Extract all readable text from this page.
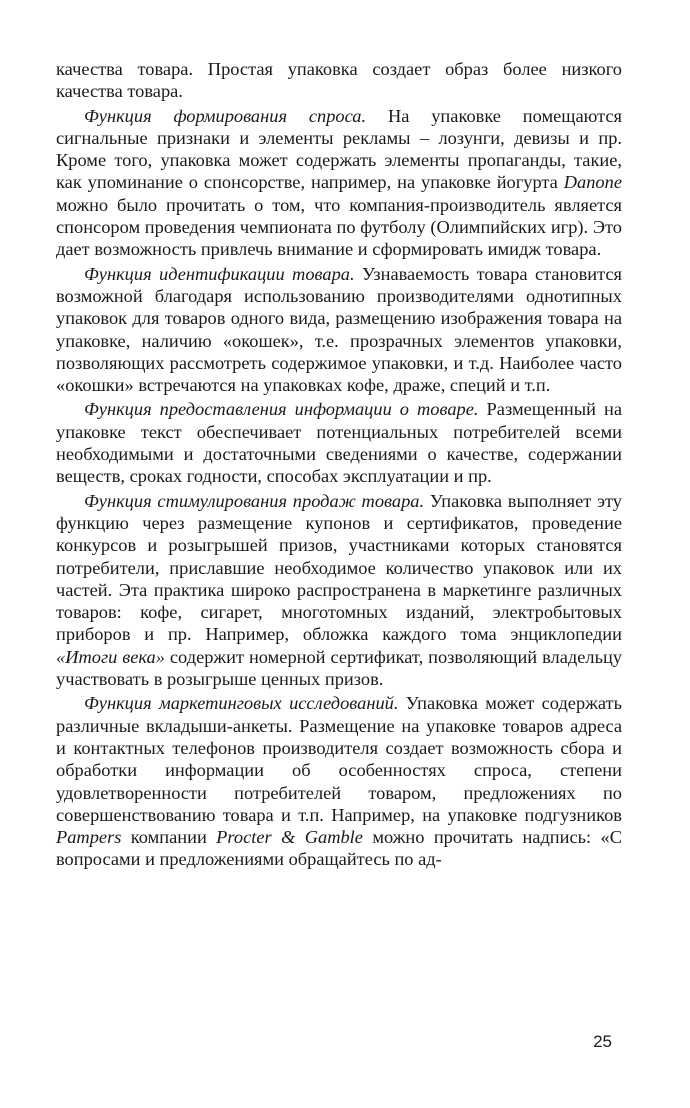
качества товара. Простая упаковка создает образ более низкого качества товара.

Функция формирования спроса. На упаковке помещаются сигнальные признаки и элементы рекламы – лозунги, девизы и пр. Кроме того, упаковка может содержать элементы пропаганды, такие, как упоминание о спонсорстве, например, на упаковке йогурта Danone можно было прочитать о том, что компания-производитель является спонсором проведения чемпионата по футболу (Олимпийских игр). Это дает возможность привлечь внимание и сформировать имидж товара.

Функция идентификации товара. Узнаваемость товара становится возможной благодаря использованию производителями однотипных упаковок для товаров одного вида, размещению изображения товара на упаковке, наличию «окошек», т.е. прозрачных элементов упаковки, позволяющих рассмотреть содержимое упаковки, и т.д. Наиболее часто «окошки» встречаются на упаковках кофе, драже, специй и т.п.

Функция предоставления информации о товаре. Размещенный на упаковке текст обеспечивает потенциальных потребителей всеми необходимыми и достаточными сведениями о качестве, содержании веществ, сроках годности, способах эксплуатации и пр.

Функция стимулирования продаж товара. Упаковка выполняет эту функцию через размещение купонов и сертификатов, проведение конкурсов и розыгрышей призов, участниками которых становятся потребители, приславшие необходимое количество упаковок или их частей. Эта практика широко распространена в маркетинге различных товаров: кофе, сигарет, многотомных изданий, электробытовых приборов и пр. Например, обложка каждого тома энциклопедии «Итоги века» содержит номерной сертификат, позволяющий владельцу участвовать в розыгрыше ценных призов.

Функция маркетинговых исследований. Упаковка может содержать различные вкладыши-анкеты. Размещение на упаковке товаров адреса и контактных телефонов производителя создает возможность сбора и обработки информации об особенностях спроса, степени удовлетворенности потребителей товаром, предложениях по совершенствованию товара и т.п. Например, на упаковке подгузников Pampers компании Procter & Gamble можно прочитать надпись: «С вопросами и предложениями обращайтесь по ад-

25
